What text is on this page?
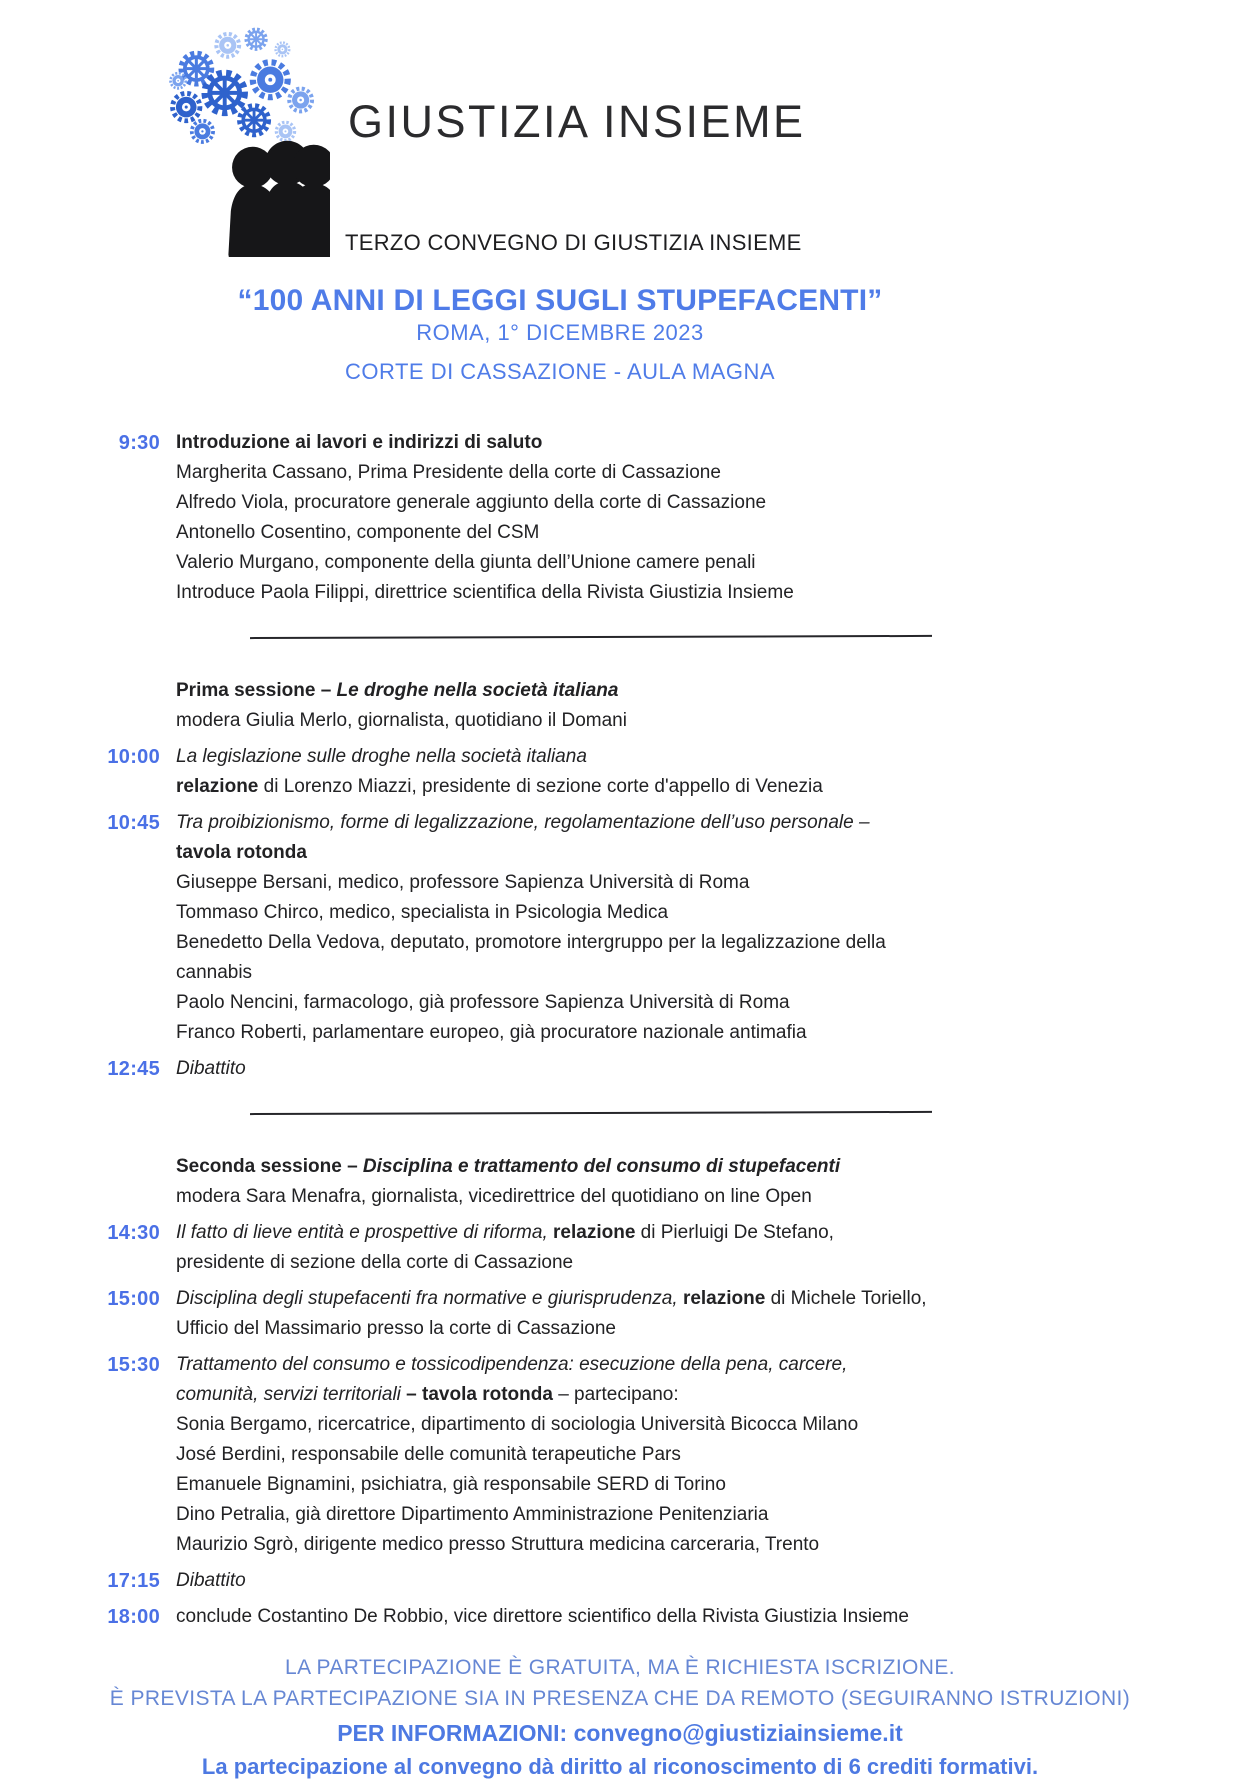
GIUSTIZIA INSIEME
TERZO CONVEGNO DI GIUSTIZIA INSIEME
“100 ANNI DI LEGGI SUGLI STUPEFACENTI”
ROMA, 1° DICEMBRE 2023
CORTE DI CASSAZIONE - AULA MAGNA
9:30 Introduzione ai lavori e indirizzi di saluto
Margherita Cassano, Prima Presidente della corte di Cassazione
Alfredo Viola, procuratore generale aggiunto della corte di Cassazione
Antonello Cosentino, componente del CSM
Valerio Murgano, componente della giunta dell’Unione camere penali
Introduce Paola Filippi, direttrice scientifica della Rivista Giustizia Insieme
Prima sessione – Le droghe nella società italiana
modera Giulia Merlo, giornalista, quotidiano il Domani
10:00 La legislazione sulle droghe nella società italiana
relazione di Lorenzo Miazzi, presidente di sezione corte d'appello di Venezia
10:45 Tra proibizionismo, forme di legalizzazione, regolamentazione dell’uso personale –
tavola rotonda
Giuseppe Bersani, medico, professore Sapienza Università di Roma
Tommaso Chirco, medico, specialista in Psicologia Medica
Benedetto Della Vedova, deputato, promotore intergruppo per la legalizzazione della
cannabis
Paolo Nencini, farmacologo, già professore Sapienza Università di Roma
Franco Roberti, parlamentare europeo, già procuratore nazionale antimafia
12:45 Dibattito
Seconda sessione – Disciplina e trattamento del consumo di stupefacenti
modera Sara Menafra, giornalista, vicedirettrice del quotidiano on line Open
14:30 Il fatto di lieve entità e prospettive di riforma, relazione di Pierluigi De Stefano,
presidente di sezione della corte di Cassazione
15:00 Disciplina degli stupefacenti fra normative e giurisprudenza, relazione di Michele Toriello,
Ufficio del Massimario presso la corte di Cassazione
15:30 Trattamento del consumo e tossicodipendenza: esecuzione della pena, carcere,
comunità, servizi territoriali – tavola rotonda – partecipano:
Sonia Bergamo, ricercatrice, dipartimento di sociologia Università Bicocca Milano
José Berdini, responsabile delle comunità terapeutiche Pars
Emanuele Bignamini, psichiatra, già responsabile SERD di Torino
Dino Petralia, già direttore Dipartimento Amministrazione Penitenziaria
Maurizio Sgrò, dirigente medico presso Struttura medicina carceraria, Trento
17:15 Dibattito
18:00 conclude Costantino De Robbio, vice direttore scientifico della Rivista Giustizia Insieme
LA PARTECIPAZIONE È GRATUITA, MA È RICHIESTA ISCRIZIONE.
È PREVISTA LA PARTECIPAZIONE SIA IN PRESENZA CHE DA REMOTO (SEGUIRANNO ISTRUZIONI)
PER INFORMAZIONI: convegno@giustiziainsieme.it
La partecipazione al convegno dà diritto al riconoscimento di 6 crediti formativi.
